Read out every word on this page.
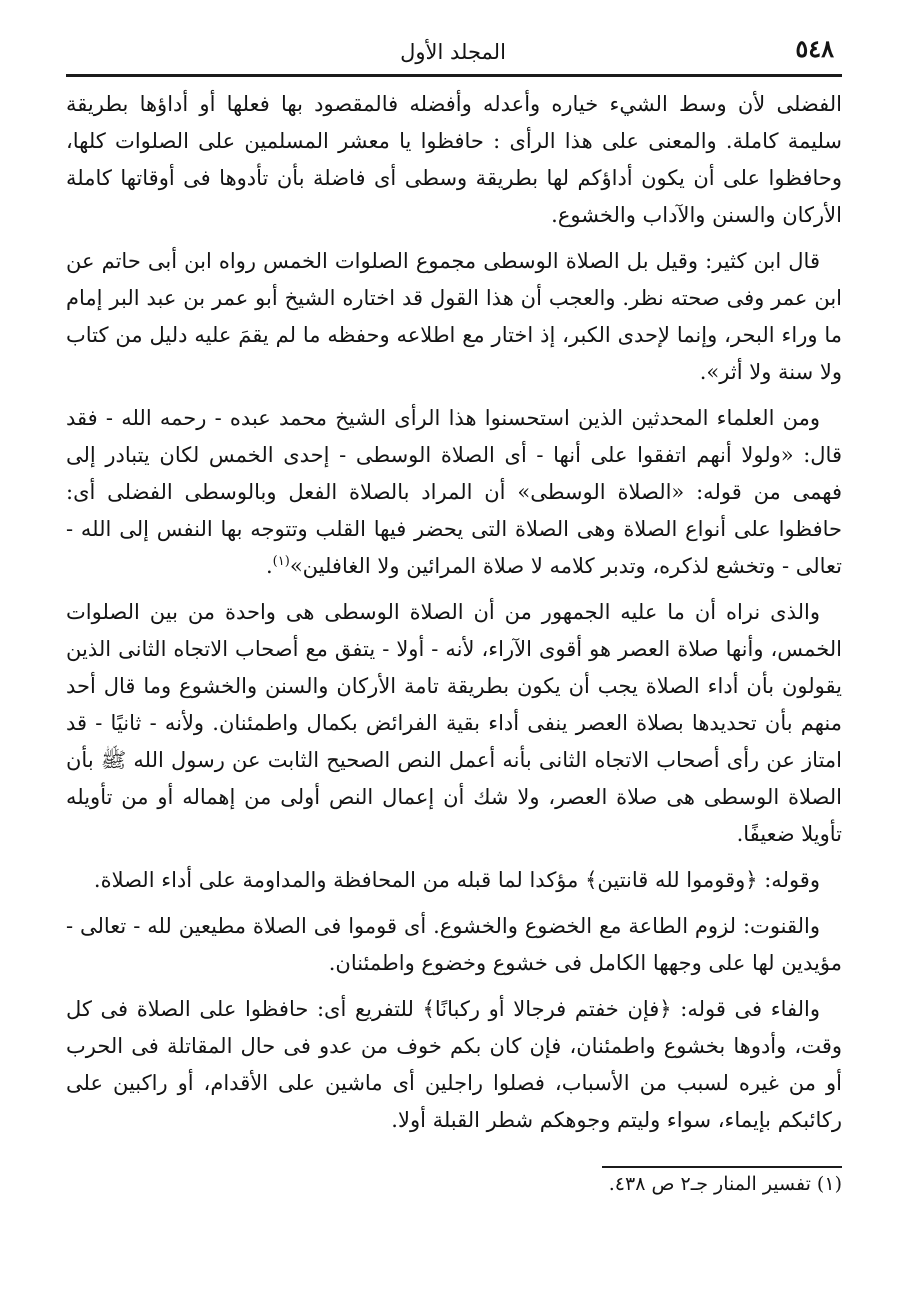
٥٤٨
المجلد الأول

الفضلى لأن وسط الشيء خياره وأعدله وأفضله فالمقصود بها فعلها أو أداؤها بطريقة سليمة كاملة. والمعنى على هذا الرأى : حافظوا يا معشر المسلمين على الصلوات كلها، وحافظوا على أن يكون أداؤكم لها بطريقة وسطى أى فاضلة بأن تأدوها فى أوقاتها كاملة الأركان والسنن والآداب والخشوع.

قال ابن كثير: وقيل بل الصلاة الوسطى مجموع الصلوات الخمس رواه ابن أبى حاتم عن ابن عمر وفى صحته نظر. والعجب أن هذا القول قد اختاره الشيخ أبو عمر بن عبد البر إمام ما وراء البحر، وإنما لإحدى الكبر، إذ اختار مع اطلاعه وحفظه ما لم يقمَ عليه دليل من كتاب ولا سنة ولا أثر».

ومن العلماء المحدثين الذين استحسنوا هذا الرأى الشيخ محمد عبده - رحمه الله - فقد قال: «ولولا أنهم اتفقوا على أنها - أى الصلاة الوسطى - إحدى الخمس لكان يتبادر إلى فهمى من قوله: «الصلاة الوسطى» أن المراد بالصلاة الفعل وبالوسطى الفضلى أى: حافظوا على أنواع الصلاة وهى الصلاة التى يحضر فيها القلب وتتوجه بها النفس إلى الله - تعالى - وتخشع لذكره، وتدبر كلامه لا صلاة المرائين ولا الغافلين»$^{(١)}$.

والذى نراه أن ما عليه الجمهور من أن الصلاة الوسطى هى واحدة من بين الصلوات الخمس، وأنها صلاة العصر هو أقوى الآراء، لأنه - أولا - يتفق مع أصحاب الاتجاه الثانى الذين يقولون بأن أداء الصلاة يجب أن يكون بطريقة تامة الأركان والسنن والخشوع وما قال أحد منهم بأن تحديدها بصلاة العصر ينفى أداء بقية الفرائض بكمال واطمئنان. ولأنه - ثانيًا - قد امتاز عن رأى أصحاب الاتجاه الثانى بأنه أعمل النص الصحيح الثابت عن رسول الله ﷺ بأن الصلاة الوسطى هى صلاة العصر، ولا شك أن إعمال النص أولى من إهماله أو من تأويله تأويلا ضعيفًا.

وقوله: ﴿وقوموا لله قانتين﴾ مؤكدا لما قبله من المحافظة والمداومة على أداء الصلاة.

والقنوت: لزوم الطاعة مع الخضوع والخشوع. أى قوموا فى الصلاة مطيعين لله - تعالى - مؤيدين لها على وجهها الكامل فى خشوع وخضوع واطمئنان.

والفاء فى قوله: ﴿فإن خفتم فرجالا أو ركبانًا﴾ للتفريع أى: حافظوا على الصلاة فى كل وقت، وأدوها بخشوع واطمئنان، فإن كان بكم خوف من عدو فى حال المقاتلة فى الحرب أو من غيره لسبب من الأسباب، فصلوا راجلين أى ماشين على الأقدام، أو راكبين على ركائبكم بإيماء، سواء وليتم وجوهكم شطر القبلة أولا.

(١) تفسير المنار جـ٢ ص ٤٣٨.
